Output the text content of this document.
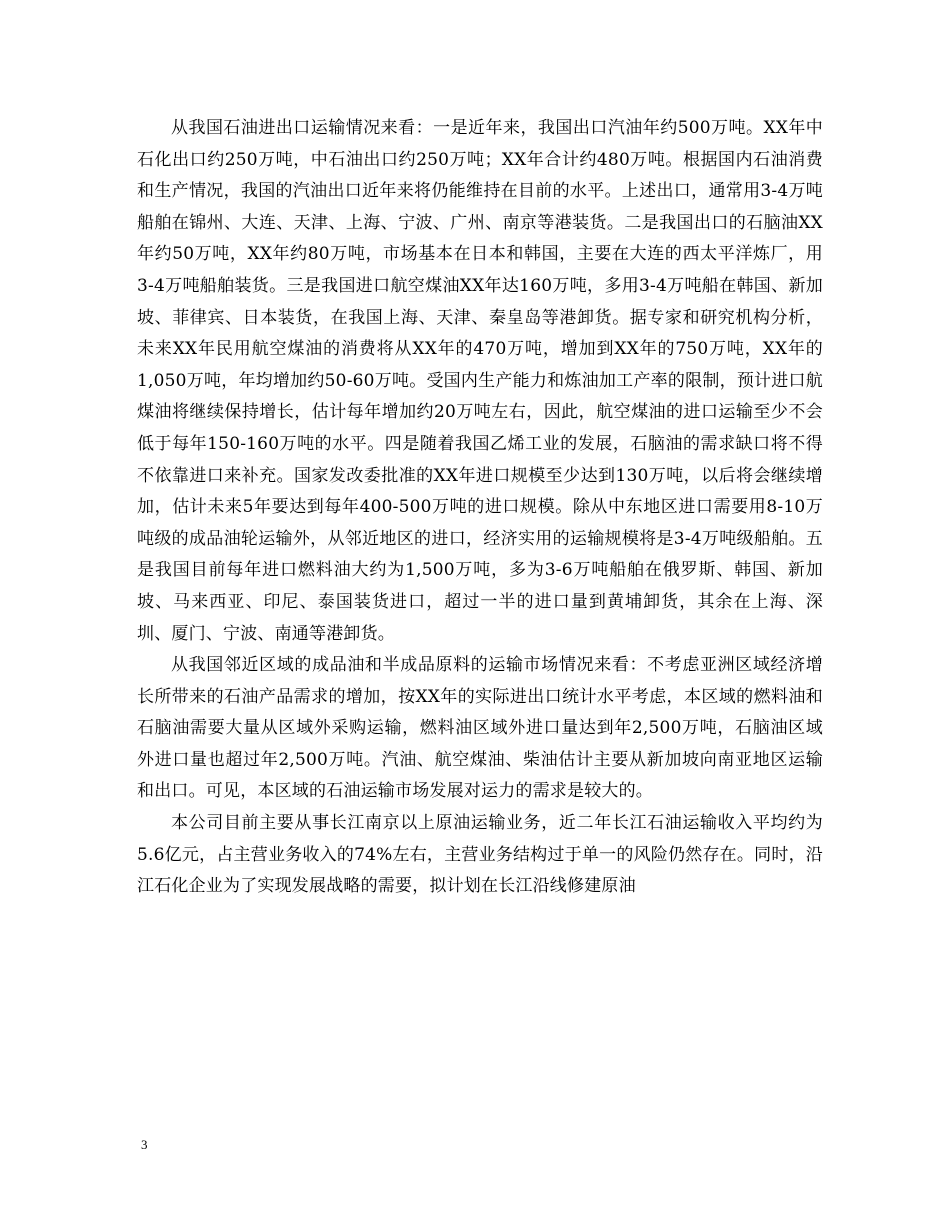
从我国石油进出口运输情况来看：一是近年来，我国出口汽油年约500万吨。XX年中石化出口约250万吨，中石油出口约250万吨；XX年合计约480万吨。根据国内石油消费和生产情况，我国的汽油出口近年来将仍能维持在目前的水平。上述出口，通常用3-4万吨船舶在锦州、大连、天津、上海、宁波、广州、南京等港装货。二是我国出口的石脑油XX年约50万吨，XX年约80万吨，市场基本在日本和韩国，主要在大连的西太平洋炼厂，用3-4万吨船舶装货。三是我国进口航空煤油XX年达160万吨，多用3-4万吨船在韩国、新加坡、菲律宾、日本装货，在我国上海、天津、秦皇岛等港卸货。据专家和研究机构分析，未来XX年民用航空煤油的消费将从XX年的470万吨，增加到XX年的750万吨，XX年的1,050万吨，年均增加约50-60万吨。受国内生产能力和炼油加工产率的限制，预计进口航煤油将继续保持增长，估计每年增加约20万吨左右，因此，航空煤油的进口运输至少不会低于每年150-160万吨的水平。四是随着我国乙烯工业的发展，石脑油的需求缺口将不得不依靠进口来补充。国家发改委批准的XX年进口规模至少达到130万吨，以后将会继续增加，估计未来5年要达到每年400-500万吨的进口规模。除从中东地区进口需要用8-10万吨级的成品油轮运输外，从邻近地区的进口，经济实用的运输规模将是3-4万吨级船舶。五是我国目前每年进口燃料油大约为1,500万吨，多为3-6万吨船舶在俄罗斯、韩国、新加坡、马来西亚、印尼、泰国装货进口，超过一半的进口量到黄埔卸货，其余在上海、深圳、厦门、宁波、南通等港卸货。

从我国邻近区域的成品油和半成品原料的运输市场情况来看：不考虑亚洲区域经济增长所带来的石油产品需求的增加，按XX年的实际进出口统计水平考虑，本区域的燃料油和石脑油需要大量从区域外采购运输，燃料油区域外进口量达到年2,500万吨，石脑油区域外进口量也超过年2,500万吨。汽油、航空煤油、柴油估计主要从新加坡向南亚地区运输和出口。可见，本区域的石油运输市场发展对运力的需求是较大的。

本公司目前主要从事长江南京以上原油运输业务，近二年长江石油运输收入平均约为5.6亿元，占主营业务收入的74%左右，主营业务结构过于单一的风险仍然存在。同时，沿江石化企业为了实现发展战略的需要，拟计划在长江沿线修建原油

3
